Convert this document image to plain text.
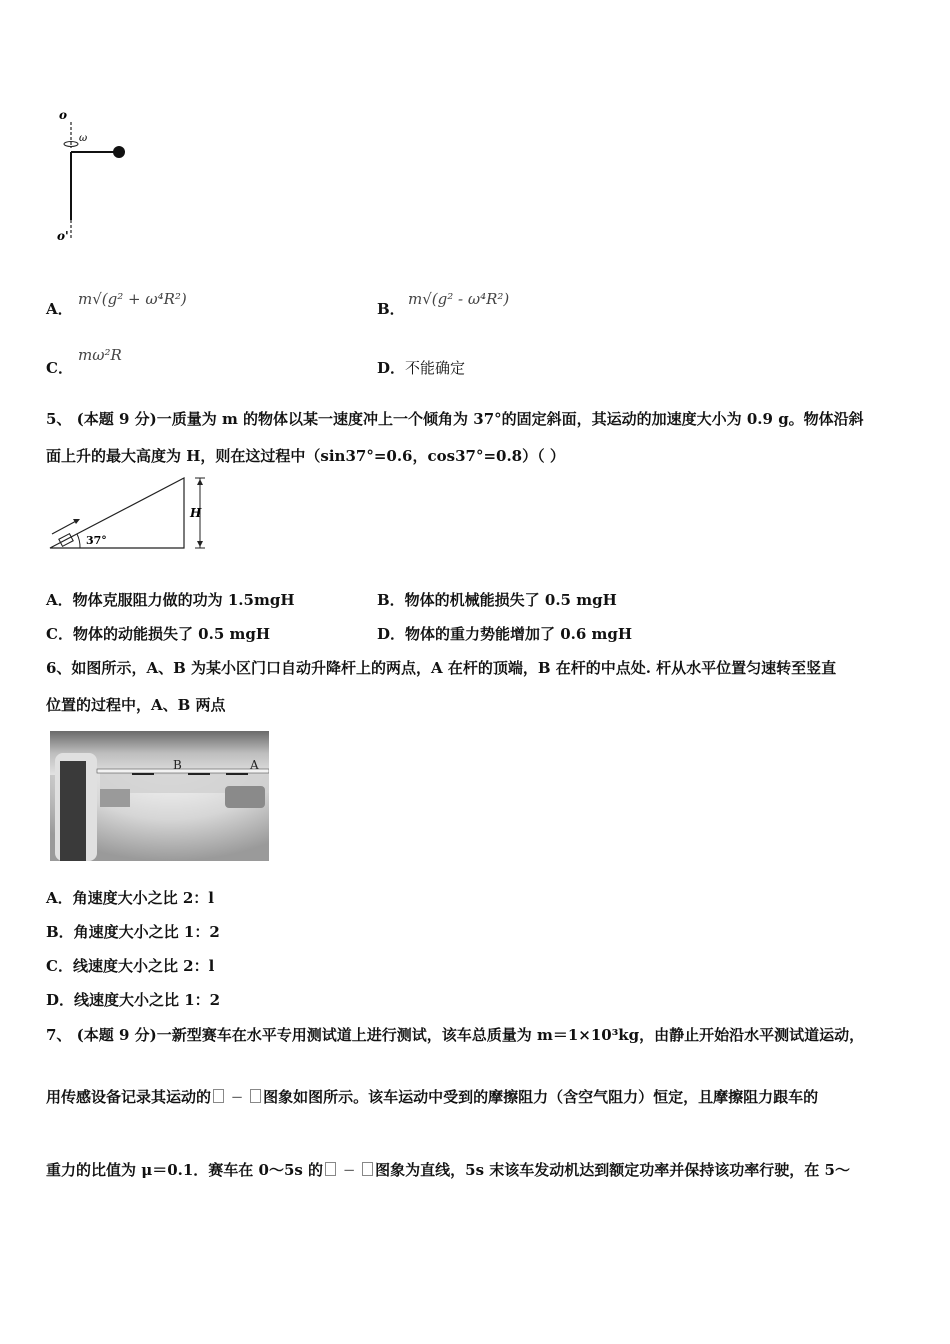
o
ω
o'
A．
m√(g² + ω⁴R²)
B．
m√(g² - ω⁴R²)
C．
mω²R
D．不能确定
5、 (本题 9 分)一质量为 m 的物体以某一速度冲上一个倾角为 37°的固定斜面，其运动的加速度大小为 0.9 g。物体沿斜
面上升的最大高度为 H，则在这过程中（sin37°=0.6，cos37°=0.8）（ ）
37°
H
A．物体克服阻力做的功为 1.5mgH	B．物体的机械能损失了 0.5 mgH
C．物体的动能损失了 0.5 mgH	D．物体的重力势能增加了 0.6 mgH
6、如图所示，A、B 为某小区门口自动升降杆上的两点，A 在杆的顶端，B 在杆的中点处. 杆从水平位置匀速转至竖直
位置的过程中，A、B 两点
B	A
A．角速度大小之比 2：l
B．角速度大小之比 1：2
C．线速度大小之比 2：l
D．线速度大小之比 1：2
7、 (本题 9 分)一新型赛车在水平专用测试道上进行测试，该车总质量为 m＝1×10³kg，由静止开始沿水平测试道运动，
用传感设备记录其运动的 − 图象如图所示。该车运动中受到的摩擦阻力（含空气阻力）恒定，且摩擦阻力跟车的
重力的比值为 μ＝0.1．赛车在 0～5s 的 − 图象为直线，5s 末该车发动机达到额定功率并保持该功率行驶，在 5～
